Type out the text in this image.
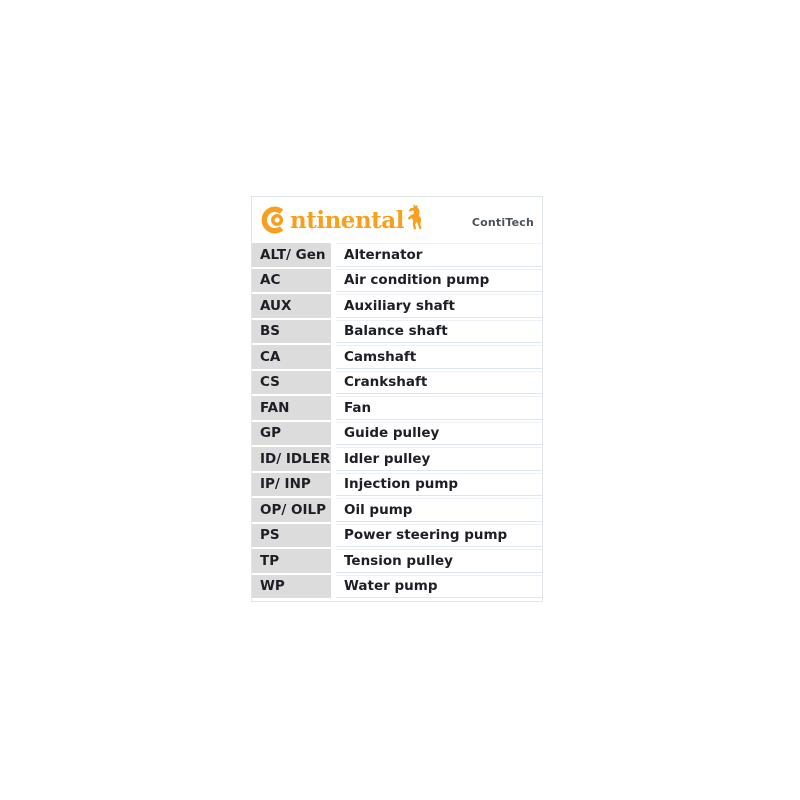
ntinental	ContiTech
ALT/ Gen	Alternator
AC	Air condition pump
AUX	Auxiliary shaft
BS	Balance shaft
CA	Camshaft
CS	Crankshaft
FAN	Fan
GP	Guide pulley
ID/ IDLER	Idler pulley
IP/ INP	Injection pump
OP/ OILP	Oil pump
PS	Power steering pump
TP	Tension pulley
WP	Water pump
